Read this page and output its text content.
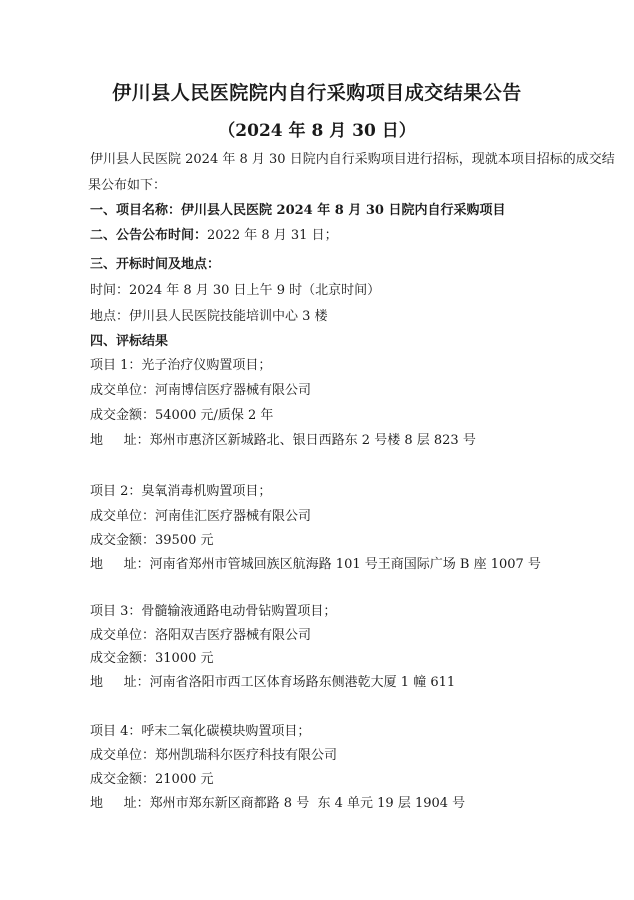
伊川县人民医院院内自行采购项目成交结果公告
（2024 年 8 月 30 日）
伊川县人民医院 2024 年 8 月 30 日院内自行采购项目进行招标，现就本项目招标的成交结
果公布如下：
一、项目名称：伊川县人民医院 2024 年 8 月 30 日院内自行采购项目
二、公告公布时间：2022 年 8 月 31 日；
三、开标时间及地点：
时间：2024 年 8 月 30 日上午 9 时（北京时间）
地点：伊川县人民医院技能培训中心 3 楼
四、评标结果
项目 1：光子治疗仪购置项目；
成交单位：河南博信医疗器械有限公司
成交金额：54000 元/质保 2 年
地     址：郑州市惠济区新城路北、银日西路东 2 号楼 8 层 823 号
项目 2：臭氧消毒机购置项目；
成交单位：河南佳汇医疗器械有限公司
成交金额：39500 元
地     址：河南省郑州市管城回族区航海路 101 号王商国际广场 B 座 1007 号
项目 3：骨髓输液通路电动骨钻购置项目；
成交单位：洛阳双吉医疗器械有限公司
成交金额：31000 元
地     址：河南省洛阳市西工区体育场路东侧港乾大厦 1 幢 611
项目 4：呼末二氧化碳模块购置项目；
成交单位：郑州凯瑞科尔医疗科技有限公司
成交金额：21000 元
地     址：郑州市郑东新区商都路 8 号  东 4 单元 19 层 1904 号
